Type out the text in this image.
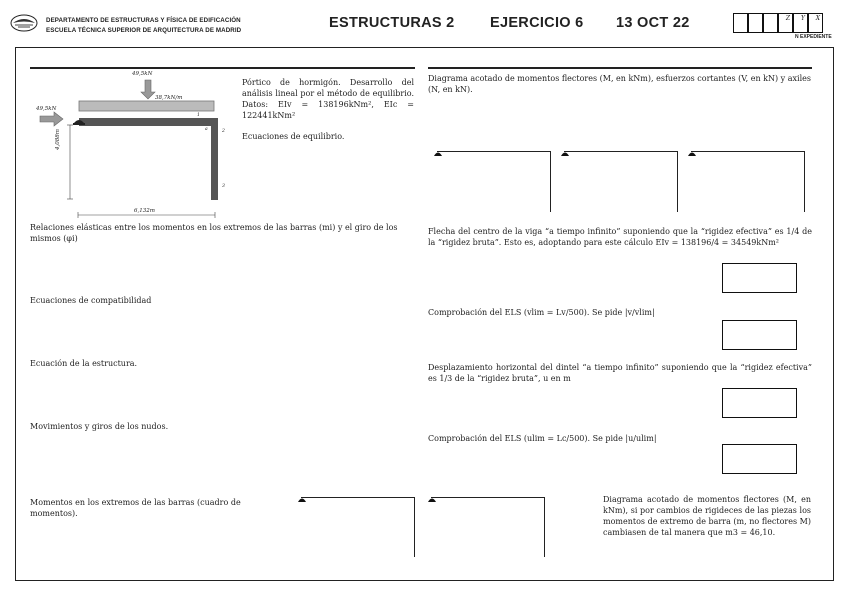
DEPARTAMENTO DE ESTRUCTURAS Y FÍSICA DE EDIFICACIÓN
ESCUELA TÉCNICA SUPERIOR DE ARQUITECTURA DE MADRID	ESTRUCTURAS 2 EJERCICIO 6 13 OCT 22	Z Y X
N EXPEDIENTE
49,5kN
38,7kN/m
49,5kN
4,088m
6,132m
1
2
3
a
Pórtico de hormigón. Desarrollo del análisis lineal por el método de equilibrio. Datos: EIv = 138196kNm², EIc = 122441kNm²
Ecuaciones de equilibrio.
Relaciones elásticas entre los momentos en los extremos de las barras (mi) y el giro de los mismos (φi)
Ecuaciones de compatibilidad
Ecuación de la estructura.
Movimientos y giros de los nudos.
Momentos en los extremos de las barras (cuadro de momentos).
Diagrama acotado de momentos flectores (M, en kNm), esfuerzos cortantes (V, en kN) y axiles (N, en kN).
Flecha del centro de la viga “a tiempo infinito” suponiendo que la “rigidez efectiva” es 1/4 de la “rigidez bruta”. Esto es, adoptando para este cálculo EIv = 138196/4 = 34549kNm²
Comprobación del ELS (vlim = Lv/500). Se pide |v/vlim|
Desplazamiento horizontal del dintel “a tiempo infinito” suponiendo que la “rigidez efectiva” es 1/3 de la “rigidez bruta”, u en m
Comprobación del ELS (ulim = Lc/500). Se pide |u/ulim|
Diagrama acotado de momentos flectores (M, en kNm), si por cambios de rigideces de las piezas los momentos de extremo de barra (m, no flectores M) cambiasen de tal manera que m3 = 46,10.
